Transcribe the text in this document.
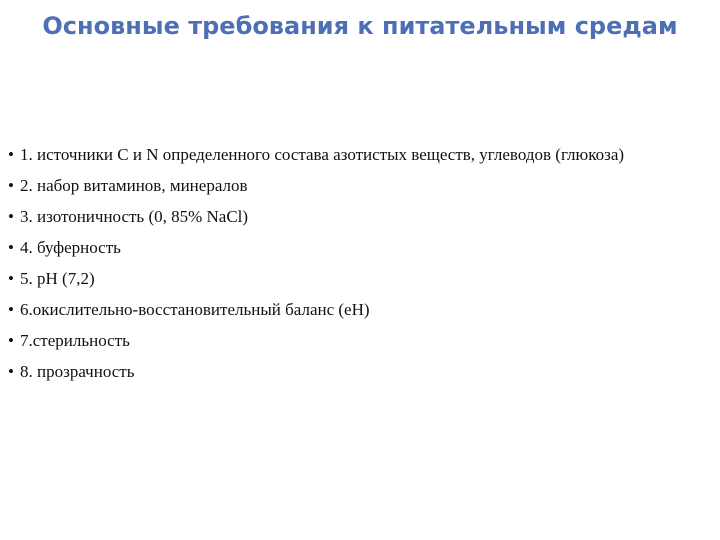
Основные требования к питательным средам
• 1. источники C и N определенного состава азотистых веществ, углеводов (глюкоза)
• 2. набор витаминов, минералов
• 3. изотоничность (0, 85% NaCl)
• 4. буферность
• 5. pH (7,2)
• 6.окислительно-восстановительный баланс (eH)
• 7.стерильность
• 8. прозрачность
